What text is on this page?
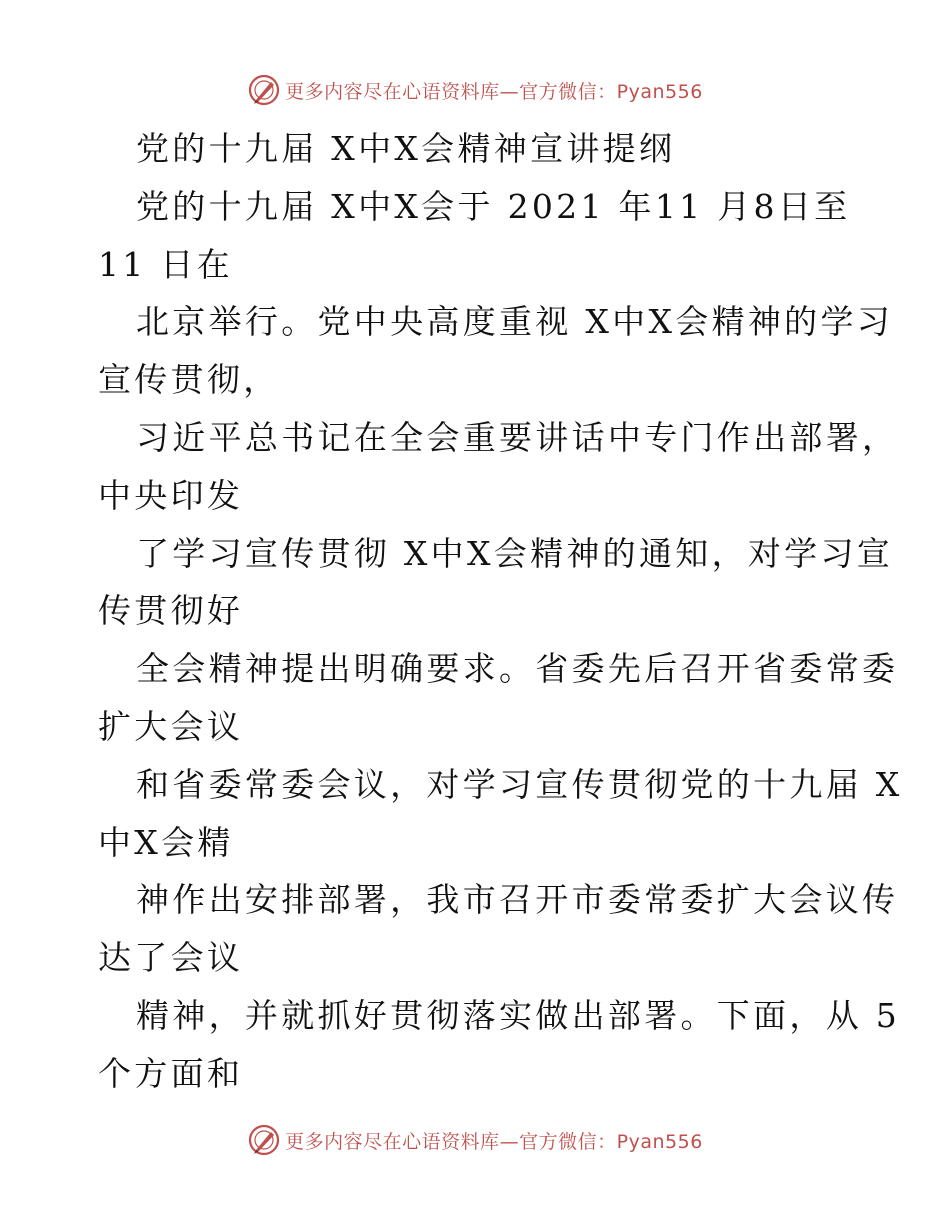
更多内容尽在心语资料库—官方微信：Pyan556

党的十九届 X中X会精神宣讲提纲

党的十九届 X中X会于 2021 年11 月8日至

11 日在

北京举行。党中央高度重视 X中X会精神的学习

宣传贯彻，

习近平总书记在全会重要讲话中专门作出部署，

中央印发

了学习宣传贯彻 X中X会精神的通知，对学习宣

传贯彻好

全会精神提出明确要求。省委先后召开省委常委

扩大会议

和省委常委会议，对学习宣传贯彻党的十九届 X

中X会精

神作出安排部署，我市召开市委常委扩大会议传

达了会议

精神，并就抓好贯彻落实做出部署。下面，从 5

个方面和

更多内容尽在心语资料库—官方微信：Pyan556
